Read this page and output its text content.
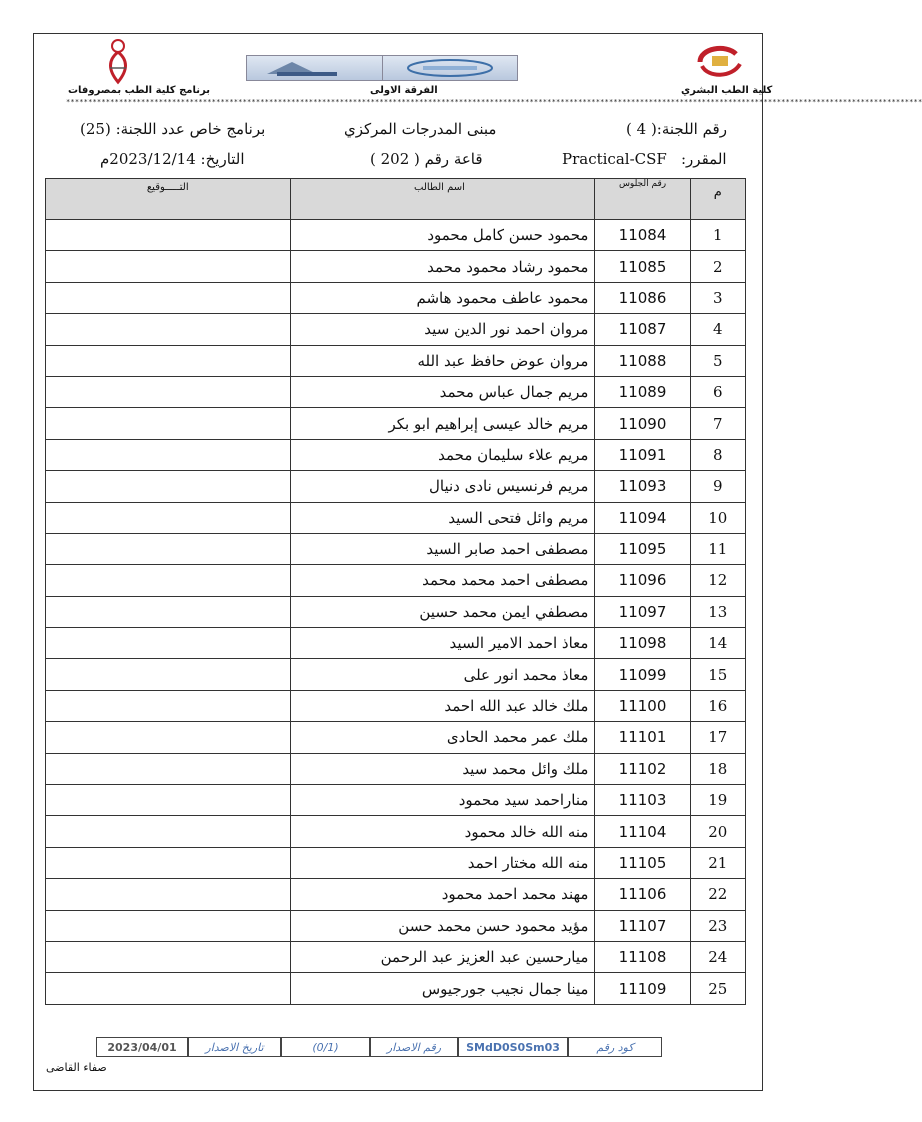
كلية الطب البشري
الفرقة الاولى
برنامج كلية الطب بمصروفات
**************************************************************************************************************************************************************************************************
رقم اللجنة:( 4 )
مبنى المدرجات المركزي
برنامج خاص عدد اللجنة: (25)
المقرر:
Practical-CSF
قاعة رقم ( 202 )
التاريخ: 2023/12/14م
م	رقم الجلوس	اسم الطالب	التـــــوقيع
1	11084	محمود حسن كامل محمود	
2	11085	محمود رشاد محمود محمد	
3	11086	محمود عاطف محمود هاشم	
4	11087	مروان احمد نور الدين سيد	
5	11088	مروان عوض حافظ عبد الله	
6	11089	مريم جمال عباس محمد	
7	11090	مريم خالد عيسى إبراهيم ابو بكر	
8	11091	مريم علاء سليمان محمد	
9	11093	مريم فرنسيس نادى دنيال	
10	11094	مريم وائل فتحى السيد	
11	11095	مصطفى احمد صابر السيد	
12	11096	مصطفى احمد محمد محمد	
13	11097	مصطفي ايمن محمد حسين	
14	11098	معاذ احمد الامير السيد	
15	11099	معاذ محمد انور على	
16	11100	ملك خالد عبد الله احمد	
17	11101	ملك عمر محمد الحادى	
18	11102	ملك وائل محمد سيد	
19	11103	مناراحمد سيد محمود	
20	11104	منه الله خالد محمود	
21	11105	منه الله مختار احمد	
22	11106	مهند محمد احمد محمود	
23	11107	مؤيد محمود حسن محمد حسن	
24	11108	ميارحسين عبد العزيز عبد الرحمن	
25	11109	مينا جمال نجيب جورجيوس	
2023/04/01	تاريخ الاصدار	(0/1)	رقم الاصدار	SMdD0S0Sm03	كود رقم
صفاء القاضى
